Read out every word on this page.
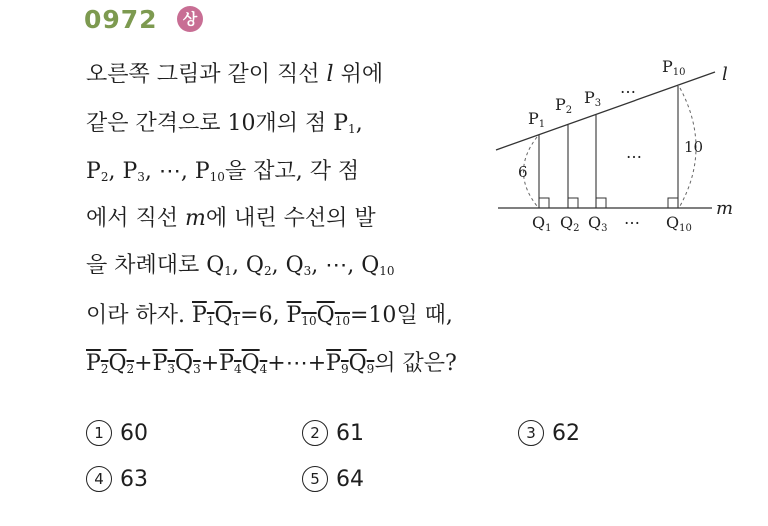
0972	상
오른쪽 그림과 같이 직선 l 위에
같은 간격으로 10개의 점 $P_1$,
$P_2$, $P_3$, ⋯, $P_{10}$을 잡고, 각 점
에서 직선 m에 내린 수선의 발
을 차례대로 $Q_1$, $Q_2$, $Q_3$, ⋯, $Q_{10}$
이라 하자. $P_1Q_1=6$, $P_{10}Q_{10}=10$일 때,
$P_2Q_2+P_3Q_3+P_4Q_4+\cdots+P_9Q_9$의 값은?
1 60	2 61	3 62
4 63	5 64
l
m
6
10
P1
P2
P3
…
P10
…
Q1 Q2 Q3
… Q10
